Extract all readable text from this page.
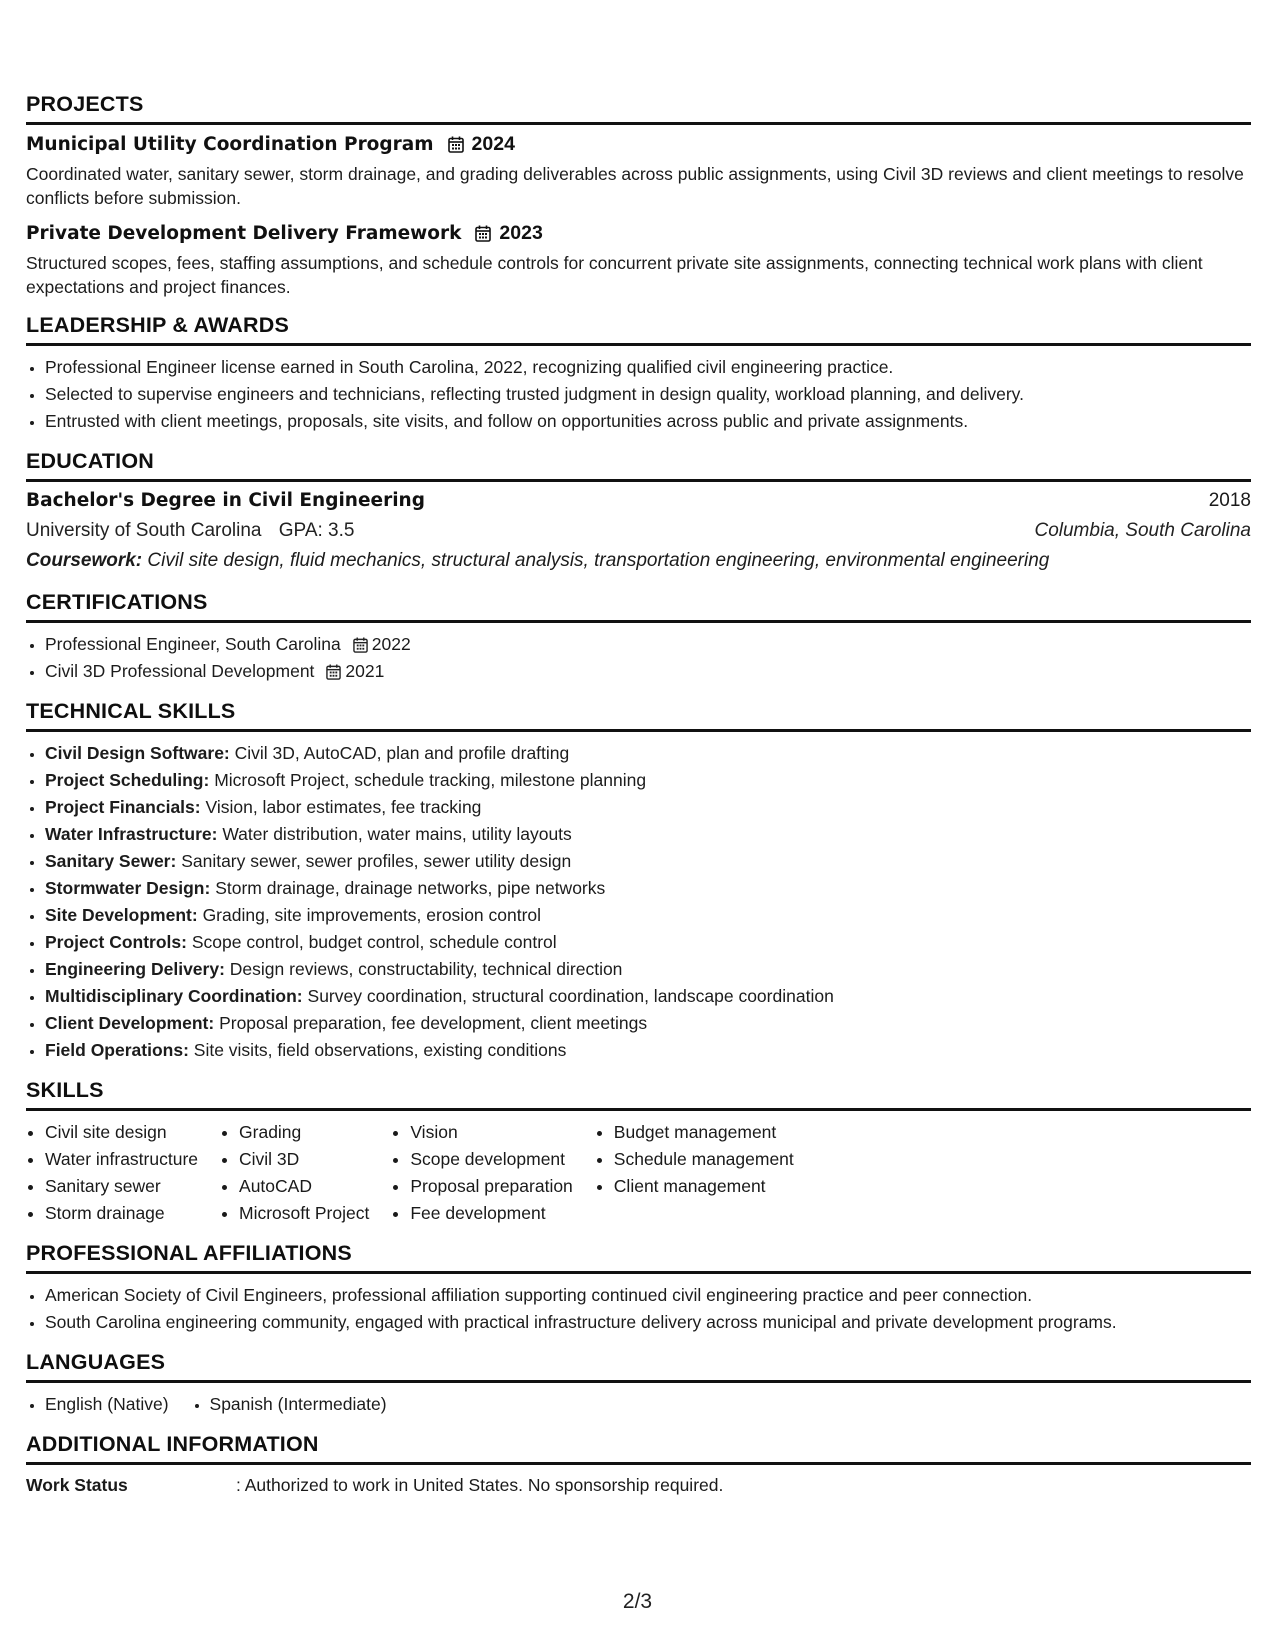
PROJECTS
Municipal Utility Coordination Program 2024
Coordinated water, sanitary sewer, storm drainage, and grading deliverables across public assignments, using Civil 3D reviews and client meetings to resolve conflicts before submission.
Private Development Delivery Framework 2023
Structured scopes, fees, staffing assumptions, and schedule controls for concurrent private site assignments, connecting technical work plans with client expectations and project finances.
LEADERSHIP & AWARDS
• Professional Engineer license earned in South Carolina, 2022, recognizing qualified civil engineering practice.
• Selected to supervise engineers and technicians, reflecting trusted judgment in design quality, workload planning, and delivery.
• Entrusted with client meetings, proposals, site visits, and follow on opportunities across public and private assignments.
EDUCATION
Bachelor's Degree in Civil Engineering	2018
University of South Carolina GPA: 3.5	Columbia, South Carolina
Coursework: Civil site design, fluid mechanics, structural analysis, transportation engineering, environmental engineering
CERTIFICATIONS
• Professional Engineer, South Carolina 2022
• Civil 3D Professional Development 2021
TECHNICAL SKILLS
• Civil Design Software: Civil 3D, AutoCAD, plan and profile drafting
• Project Scheduling: Microsoft Project, schedule tracking, milestone planning
• Project Financials: Vision, labor estimates, fee tracking
• Water Infrastructure: Water distribution, water mains, utility layouts
• Sanitary Sewer: Sanitary sewer, sewer profiles, sewer utility design
• Stormwater Design: Storm drainage, drainage networks, pipe networks
• Site Development: Grading, site improvements, erosion control
• Project Controls: Scope control, budget control, schedule control
• Engineering Delivery: Design reviews, constructability, technical direction
• Multidisciplinary Coordination: Survey coordination, structural coordination, landscape coordination
• Client Development: Proposal preparation, fee development, client meetings
• Field Operations: Site visits, field observations, existing conditions
SKILLS
• Civil site design
• Water infrastructure
• Sanitary sewer
• Storm drainage
• Grading
• Civil 3D
• AutoCAD
• Microsoft Project
• Vision
• Scope development
• Proposal preparation
• Fee development
• Budget management
• Schedule management
• Client management
PROFESSIONAL AFFILIATIONS
• American Society of Civil Engineers, professional affiliation supporting continued civil engineering practice and peer connection.
• South Carolina engineering community, engaged with practical infrastructure delivery across municipal and private development programs.
LANGUAGES
• English (Native)
• Spanish (Intermediate)
ADDITIONAL INFORMATION
Work Status	: Authorized to work in United States. No sponsorship required.
2/3
